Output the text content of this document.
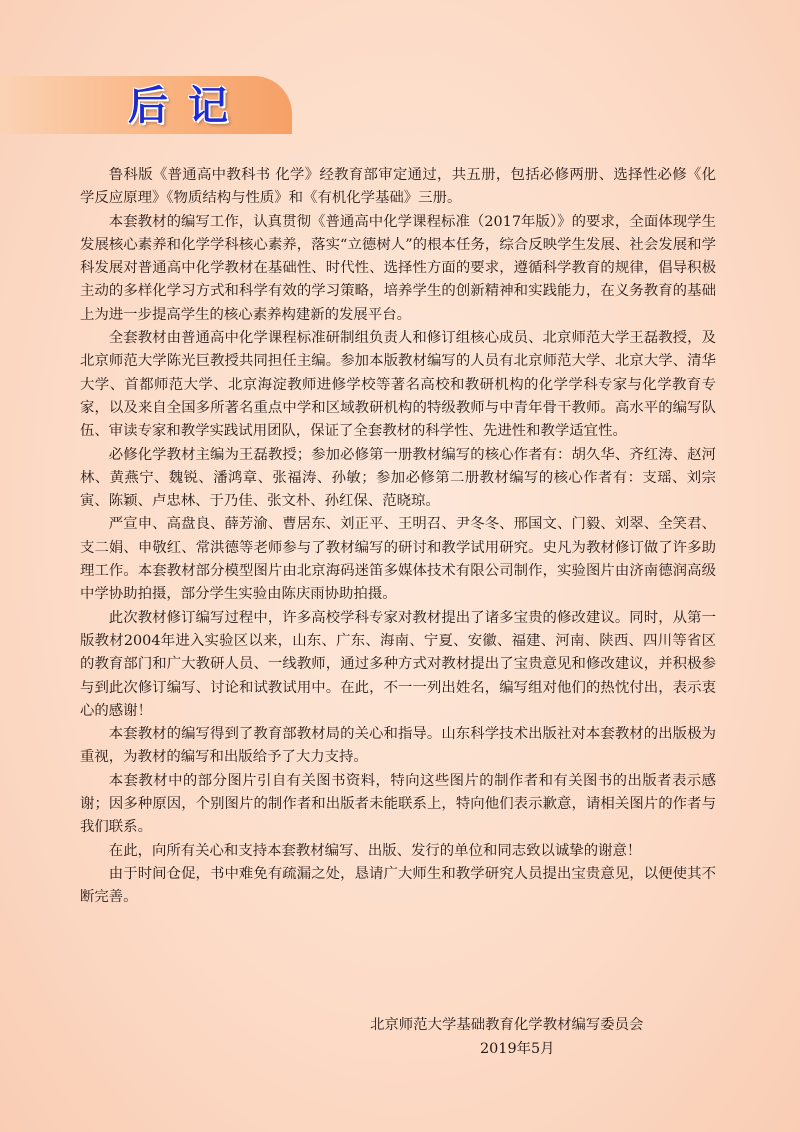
后记

鲁科版《普通高中教科书 化学》经教育部审定通过，共五册，包括必修两册、选择性必修《化学反应原理》《物质结构与性质》和《有机化学基础》三册。

本套教材的编写工作，认真贯彻《普通高中化学课程标准（2017年版）》的要求，全面体现学生发展核心素养和化学学科核心素养，落实“立德树人”的根本任务，综合反映学生发展、社会发展和学科发展对普通高中化学教材在基础性、时代性、选择性方面的要求，遵循科学教育的规律，倡导积极主动的多样化学习方式和科学有效的学习策略，培养学生的创新精神和实践能力，在义务教育的基础上为进一步提高学生的核心素养构建新的发展平台。

全套教材由普通高中化学课程标准研制组负责人和修订组核心成员、北京师范大学王磊教授，及北京师范大学陈光巨教授共同担任主编。参加本版教材编写的人员有北京师范大学、北京大学、清华大学、首都师范大学、北京海淀教师进修学校等著名高校和教研机构的化学学科专家与化学教育专家，以及来自全国多所著名重点中学和区域教研机构的特级教师与中青年骨干教师。高水平的编写队伍、审读专家和教学实践试用团队，保证了全套教材的科学性、先进性和教学适宜性。

必修化学教材主编为王磊教授；参加必修第一册教材编写的核心作者有：胡久华、齐红涛、赵河林、黄燕宁、魏锐、潘鸿章、张福涛、孙敏；参加必修第二册教材编写的核心作者有：支瑶、刘宗寅、陈颖、卢忠林、于乃佳、张文朴、孙红保、范晓琼。

严宣申、高盘良、薛芳渝、曹居东、刘正平、王明召、尹冬冬、邢国文、门毅、刘翠、全笑君、支二娟、申敬红、常洪德等老师参与了教材编写的研讨和教学试用研究。史凡为教材修订做了许多助理工作。本套教材部分模型图片由北京海码迷笛多媒体技术有限公司制作，实验图片由济南德润高级中学协助拍摄，部分学生实验由陈庆雨协助拍摄。

此次教材修订编写过程中，许多高校学科专家对教材提出了诸多宝贵的修改建议。同时，从第一版教材2004年进入实验区以来，山东、广东、海南、宁夏、安徽、福建、河南、陕西、四川等省区的教育部门和广大教研人员、一线教师，通过多种方式对教材提出了宝贵意见和修改建议，并积极参与到此次修订编写、讨论和试教试用中。在此，不一一列出姓名，编写组对他们的热忱付出，表示衷心的感谢！

本套教材的编写得到了教育部教材局的关心和指导。山东科学技术出版社对本套教材的出版极为重视，为教材的编写和出版给予了大力支持。

本套教材中的部分图片引自有关图书资料，特向这些图片的制作者和有关图书的出版者表示感谢；因多种原因，个别图片的制作者和出版者未能联系上，特向他们表示歉意，请相关图片的作者与我们联系。

在此，向所有关心和支持本套教材编写、出版、发行的单位和同志致以诚挚的谢意！

由于时间仓促，书中难免有疏漏之处，恳请广大师生和教学研究人员提出宝贵意见，以便使其不断完善。

北京师范大学基础教育化学教材编写委员会
2019年5月
